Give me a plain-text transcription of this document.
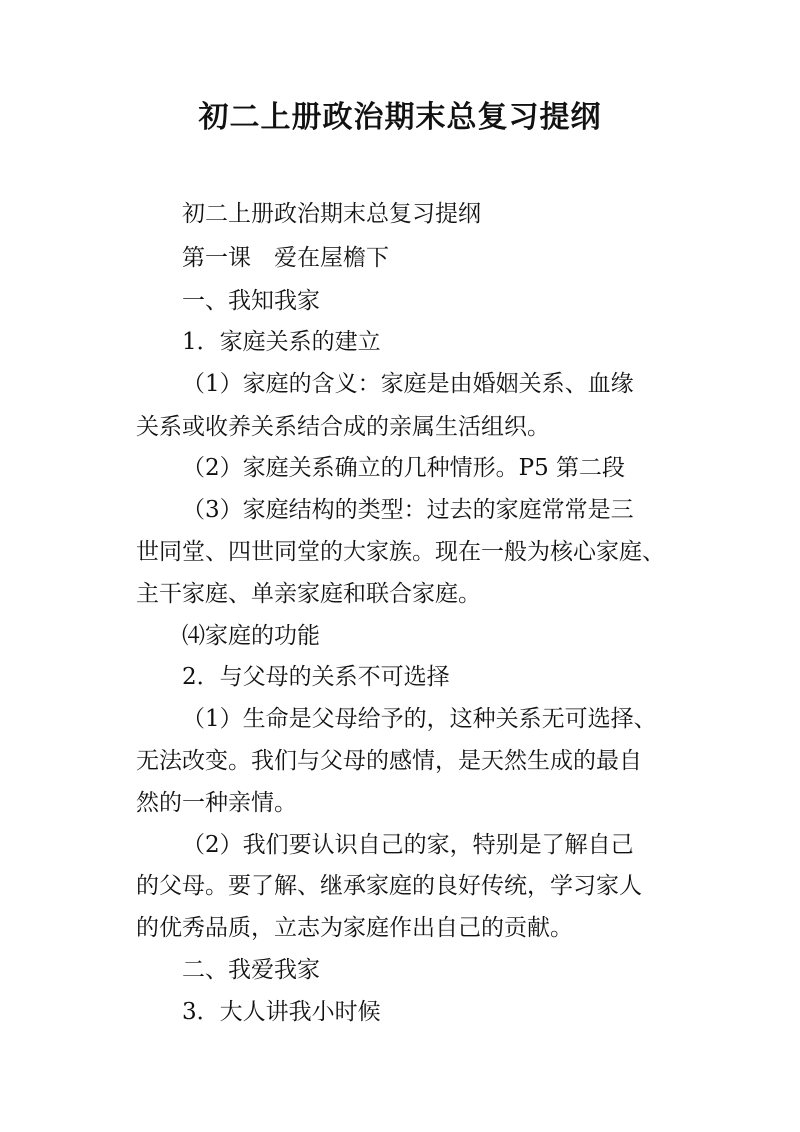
初二上册政治期末总复习提纲
初二上册政治期末总复习提纲
第一课　爱在屋檐下
一、我知我家
1．家庭关系的建立
（1）家庭的含义：家庭是由婚姻关系、血缘
关系或收养关系结合成的亲属生活组织。
（2）家庭关系确立的几种情形。P5 第二段
（3）家庭结构的类型：过去的家庭常常是三
世同堂、四世同堂的大家族。现在一般为核心家庭、
主干家庭、单亲家庭和联合家庭。
⑷家庭的功能
2．与父母的关系不可选择
（1）生命是父母给予的，这种关系无可选择、
无法改变。我们与父母的感情，是天然生成的最自
然的一种亲情。
（2）我们要认识自己的家，特别是了解自己
的父母。要了解、继承家庭的良好传统，学习家人
的优秀品质，立志为家庭作出自己的贡献。
二、我爱我家
3．大人讲我小时候
